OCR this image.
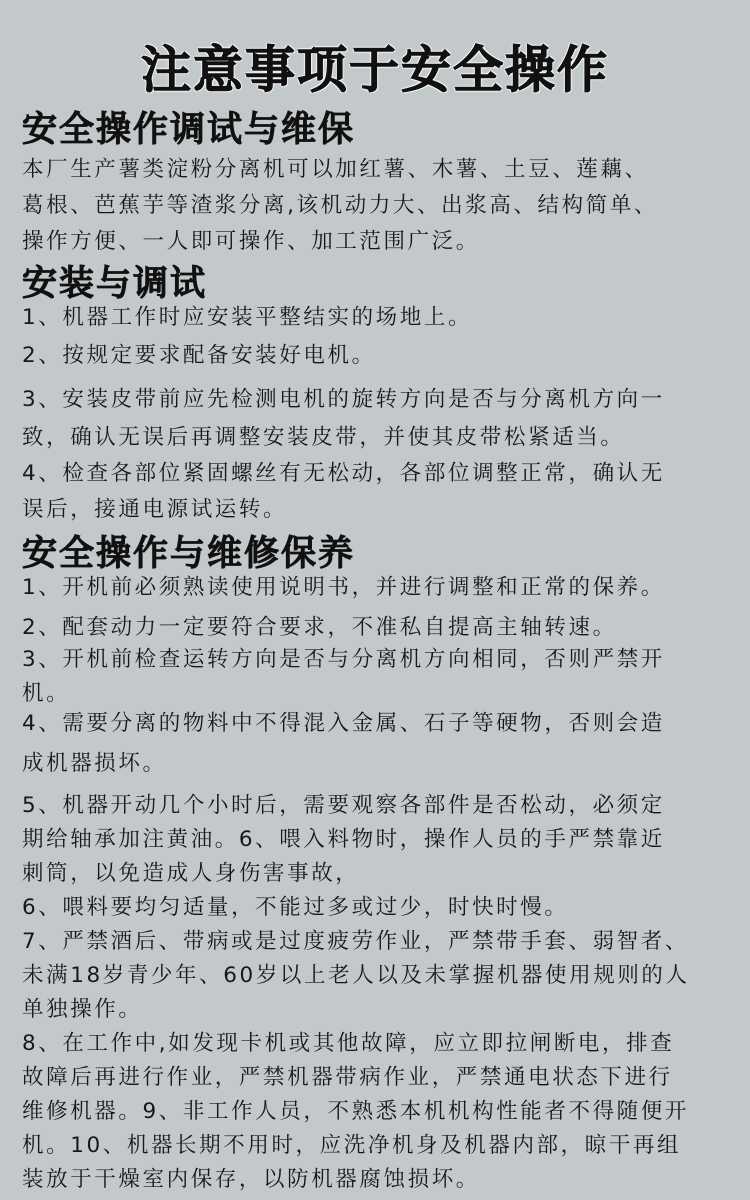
注意事项于安全操作
安全操作调试与维保
本厂生产薯类淀粉分离机可以加红薯、木薯、土豆、莲藕、
葛根、芭蕉芋等渣浆分离,该机动力大、出浆高、结构简单、
操作方便、一人即可操作、加工范围广泛。
安装与调试
1、机器工作时应安装平整结实的场地上。
2、按规定要求配备安装好电机。
3、安装皮带前应先检测电机的旋转方向是否与分离机方向一
致，确认无误后再调整安装皮带，并使其皮带松紧适当。
4、检查各部位紧固螺丝有无松动，各部位调整正常，确认无
误后，接通电源试运转。
安全操作与维修保养
1、开机前必须熟读使用说明书，并进行调整和正常的保养。
2、配套动力一定要符合要求，不准私自提高主轴转速。
3、开机前检查运转方向是否与分离机方向相同，否则严禁开
机。
4、需要分离的物料中不得混入金属、石子等硬物，否则会造
成机器损坏。
5、机器开动几个小时后，需要观察各部件是否松动，必须定
期给轴承加注黄油。6、喂入料物时，操作人员的手严禁靠近
刺筒，以免造成人身伤害事故，
6、喂料要均匀适量，不能过多或过少，时快时慢。
7、严禁酒后、带病或是过度疲劳作业，严禁带手套、弱智者、
未满18岁青少年、60岁以上老人以及未掌握机器使用规则的人
单独操作。
8、在工作中,如发现卡机或其他故障，应立即拉闸断电，排查
故障后再进行作业，严禁机器带病作业，严禁通电状态下进行
维修机器。9、非工作人员，不熟悉本机机构性能者不得随便开
机。10、机器长期不用时，应洗净机身及机器内部，晾干再组
装放于干燥室内保存，以防机器腐蚀损坏。
